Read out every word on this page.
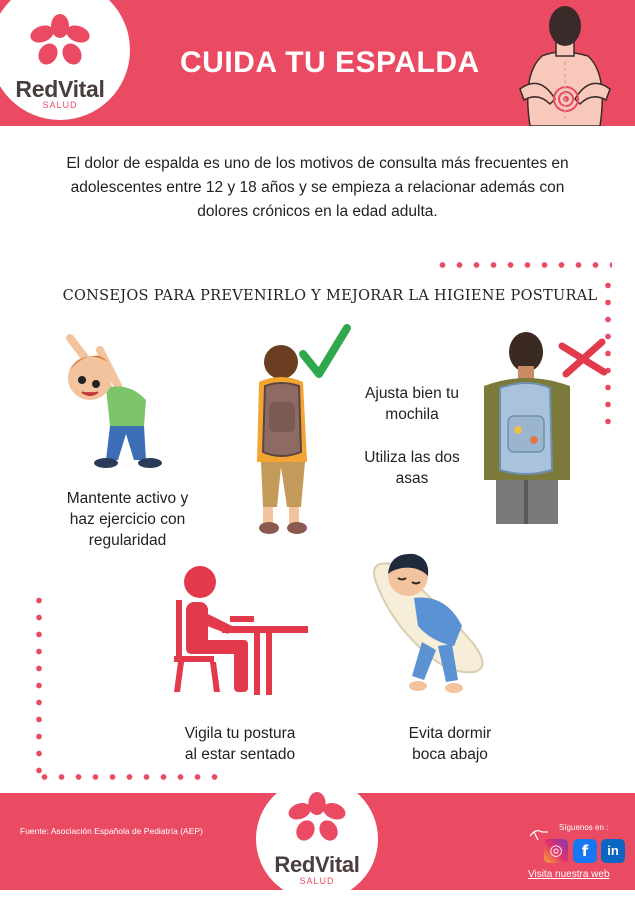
RedVital
SALUD
CUIDA TU ESPALDA
El dolor de espalda es uno de los motivos de consulta más frecuentes en adolescentes entre 12 y 18 años y se empieza a relacionar además con dolores crónicos en la edad adulta.
CONSEJOS PARA PREVENIRLO Y MEJORAR LA HIGIENE POSTURAL
Mantente activo y
haz ejercicio con
regularidad
Ajusta bien tu
mochila
Utiliza las dos
asas
Vigila tu postura
al estar sentado
Evita dormir
boca abajo
RedVital
SALUD
Fuente: Asociación Española de Pediatría (AEP)	Síguenos en :
◎	f	in
Visita nuestra web
